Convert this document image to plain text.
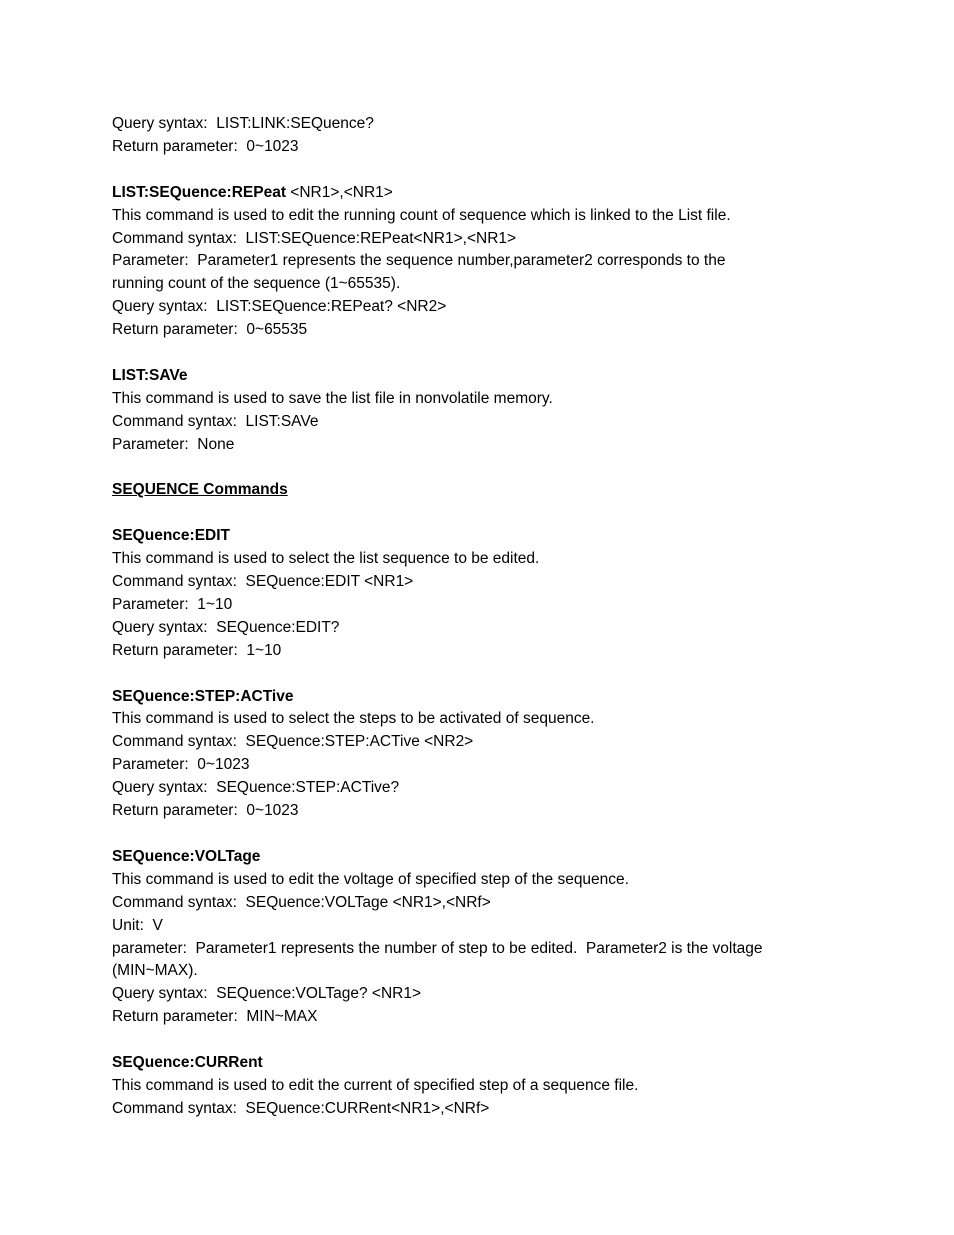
Query syntax:  LIST:LINK:SEQuence?

Return parameter:  0~1023

LIST:SEQuence:REPeat <NR1>,<NR1>

This command is used to edit the running count of sequence which is linked to the List file.

Command syntax:  LIST:SEQuence:REPeat<NR1>,<NR1>

Parameter:  Parameter1 represents the sequence number,parameter2 corresponds to the

running count of the sequence (1~65535).

Query syntax:  LIST:SEQuence:REPeat? <NR2>

Return parameter:  0~65535

LIST:SAVe

This command is used to save the list file in nonvolatile memory.

Command syntax:  LIST:SAVe

Parameter:  None

SEQUENCE Commands

SEQuence:EDIT

This command is used to select the list sequence to be edited.

Command syntax:  SEQuence:EDIT <NR1>

Parameter:  1~10

Query syntax:  SEQuence:EDIT?

Return parameter:  1~10

SEQuence:STEP:ACTive

This command is used to select the steps to be activated of sequence.

Command syntax:  SEQuence:STEP:ACTive <NR2>

Parameter:  0~1023

Query syntax:  SEQuence:STEP:ACTive?

Return parameter:  0~1023

SEQuence:VOLTage

This command is used to edit the voltage of specified step of the sequence.

Command syntax:  SEQuence:VOLTage <NR1>,<NRf>

Unit:  V

parameter:  Parameter1 represents the number of step to be edited.  Parameter2 is the voltage

(MIN~MAX).

Query syntax:  SEQuence:VOLTage? <NR1>

Return parameter:  MIN~MAX

SEQuence:CURRent

This command is used to edit the current of specified step of a sequence file.

Command syntax:  SEQuence:CURRent<NR1>,<NRf>
